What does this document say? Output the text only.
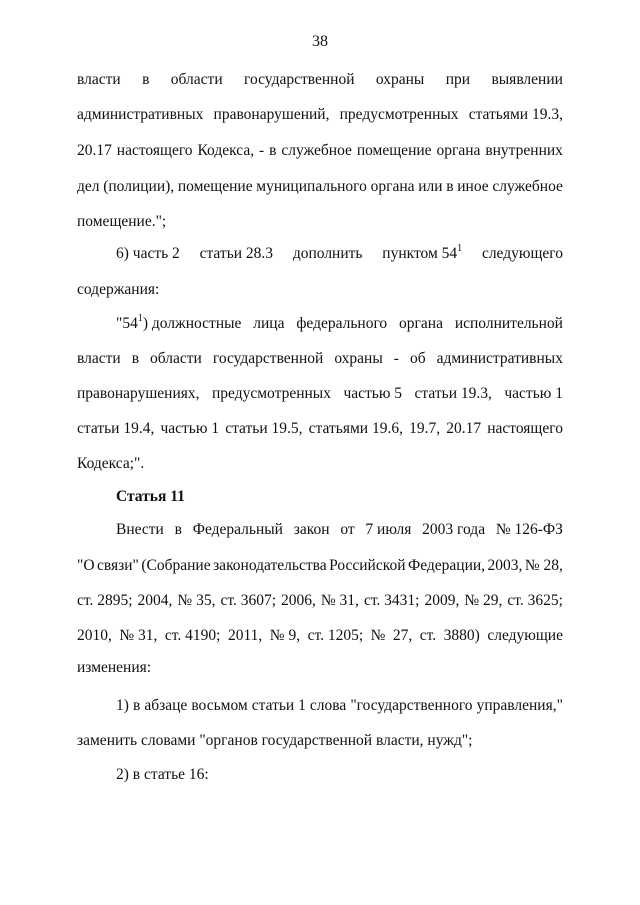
38
власти в области государственной охраны при выявлении
административных правонарушений, предусмотренных статьями 19.3,
20.17 настоящего Кодекса, - в служебное помещение органа внутренних
дел (полиции), помещение муниципального органа или в иное служебное
помещение.";
6) часть 2 статьи 28.3 дополнить пунктом $54^1$ следующего
содержания:
"$54^1$) должностные лица федерального органа исполнительной
власти в области государственной охраны - об административных
правонарушениях, предусмотренных частью 5 статьи 19.3, частью 1
статьи 19.4, частью 1 статьи 19.5, статьями 19.6, 19.7, 20.17 настоящего
Кодекса;".
Статья 11
Внести в Федеральный закон от 7 июля 2003 года № 126-ФЗ
"О связи" (Собрание законодательства Российской Федерации, 2003, № 28,
ст. 2895; 2004, № 35, ст. 3607; 2006, № 31, ст. 3431; 2009, № 29, ст. 3625;
2010, № 31, ст. 4190; 2011, № 9, ст. 1205; № 27, ст. 3880) следующие
изменения:
1) в абзаце восьмом статьи 1 слова "государственного управления,"
заменить словами "органов государственной власти, нужд";
2) в статье 16:
